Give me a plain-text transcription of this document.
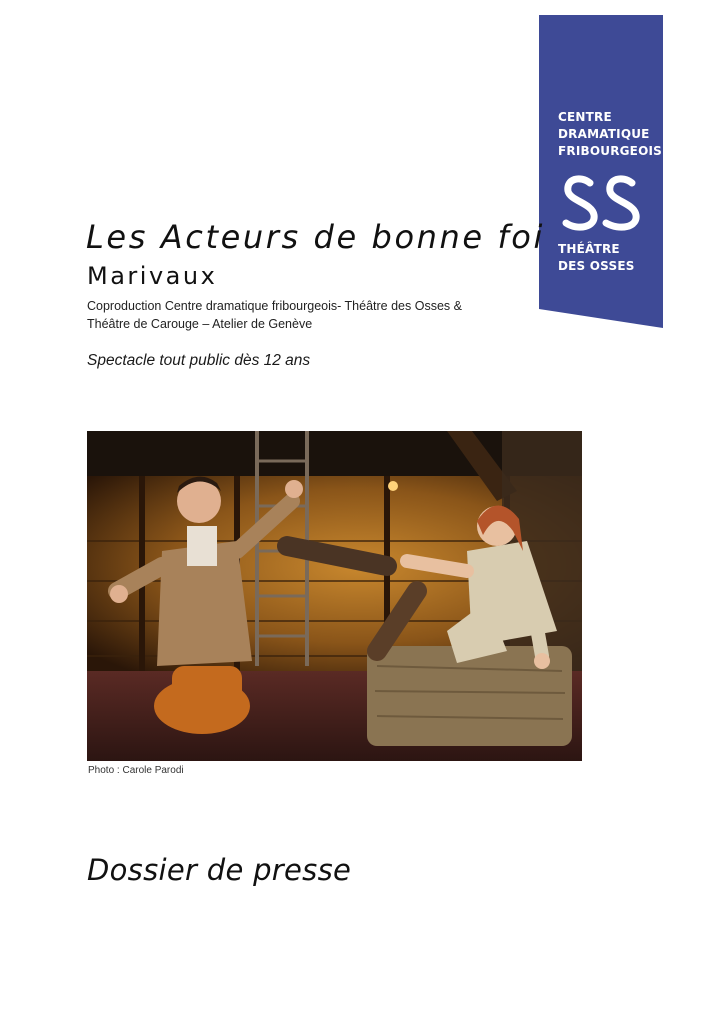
CENTRE
DRAMATIQUE
FRIBOURGEOIS
THÉÂTRE
DES OSSES
Les Acteurs de bonne foi
Marivaux
Coproduction Centre dramatique fribourgeois- Théâtre des Osses &
Théâtre de Carouge – Atelier de Genève
Spectacle tout public dès 12 ans
Photo : Carole Parodi
Dossier de presse
